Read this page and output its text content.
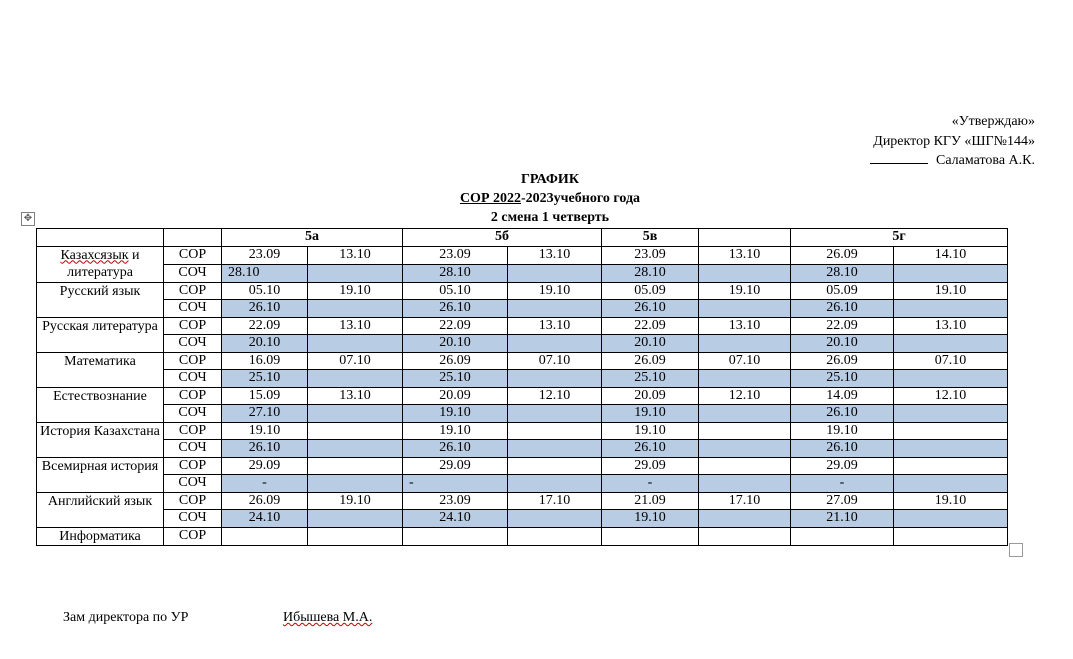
«Утверждаю»
Директор КГУ «ШГ№144»
Саламатова А.К.
ГРАФИК
СОР 2022-2023учебного года
2 смена 1 четверть
✥
		5а		5б		5в		5г	
Казахсязык и литература	СОР	23.09	13.10	23.09	13.10	23.09	13.10	26.09	14.10
	СОЧ	28.10		28.10		28.10		28.10	
Русский язык	СОР	05.10	19.10	05.10	19.10	05.09	19.10	05.09	19.10
	СОЧ	26.10		26.10		26.10		26.10	
Русская литература	СОР	22.09	13.10	22.09	13.10	22.09	13.10	22.09	13.10
	СОЧ	20.10		20.10		20.10		20.10	
Математика	СОР	16.09	07.10	26.09	07.10	26.09	07.10	26.09	07.10
	СОЧ	25.10		25.10		25.10		25.10	
Естествознание	СОР	15.09	13.10	20.09	12.10	20.09	12.10	14.09	12.10
	СОЧ	27.10		19.10		19.10		26.10	
История Казахстана	СОР	19.10		19.10		19.10		19.10	
	СОЧ	26.10		26.10		26.10		26.10	
Всемирная история	СОР	29.09		29.09		29.09		29.09	
	СОЧ	-		-		-		-	
Английский язык	СОР	26.09	19.10	23.09	17.10	21.09	17.10	27.09	19.10
	СОЧ	24.10		24.10		19.10		21.10	
Информатика	СОР								
Зам директора по УР	Ибышева М.А.
